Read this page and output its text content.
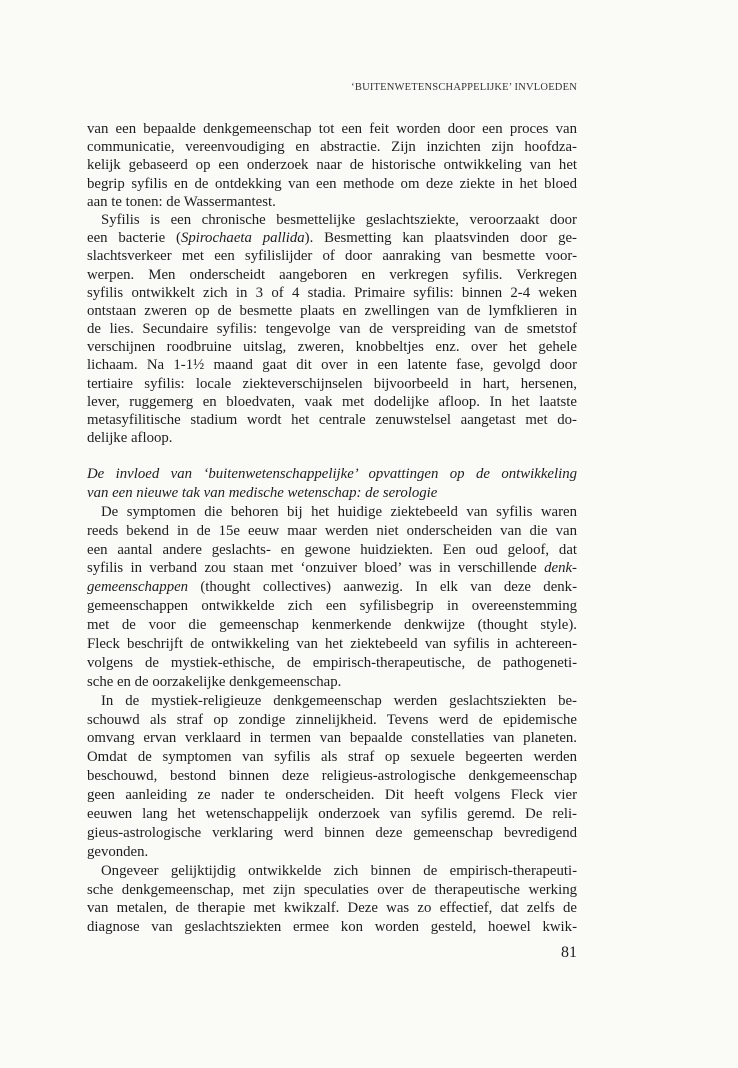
‘BUITENWETENSCHAPPELIJKE’ INVLOEDEN
van een bepaalde denkgemeenschap tot een feit worden door een proces van
communicatie, vereenvoudiging en abstractie. Zijn inzichten zijn hoofdza-
kelijk gebaseerd op een onderzoek naar de historische ontwikkeling van het
begrip syfilis en de ontdekking van een methode om deze ziekte in het bloed
aan te tonen: de Wassermantest.
Syfilis is een chronische besmettelijke geslachtsziekte, veroorzaakt door
een bacterie (Spirochaeta pallida). Besmetting kan plaatsvinden door ge-
slachtsverkeer met een syfilislijder of door aanraking van besmette voor-
werpen. Men onderscheidt aangeboren en verkregen syfilis. Verkregen
syfilis ontwikkelt zich in 3 of 4 stadia. Primaire syfilis: binnen 2-4 weken
ontstaan zweren op de besmette plaats en zwellingen van de lymfklieren in
de lies. Secundaire syfilis: tengevolge van de verspreiding van de smetstof
verschijnen roodbruine uitslag, zweren, knobbeltjes enz. over het gehele
lichaam. Na 1-1½ maand gaat dit over in een latente fase, gevolgd door
tertiaire syfilis: locale ziekteverschijnselen bijvoorbeeld in hart, hersenen,
lever, ruggemerg en bloedvaten, vaak met dodelijke afloop. In het laatste
metasyfilitische stadium wordt het centrale zenuwstelsel aangetast met do-
delijke afloop.
De invloed van ‘buitenwetenschappelijke’ opvattingen op de ontwikkeling
van een nieuwe tak van medische wetenschap: de serologie
De symptomen die behoren bij het huidige ziektebeeld van syfilis waren
reeds bekend in de 15e eeuw maar werden niet onderscheiden van die van
een aantal andere geslachts- en gewone huidziekten. Een oud geloof, dat
syfilis in verband zou staan met ‘onzuiver bloed’ was in verschillende denk-
gemeenschappen (thought collectives) aanwezig. In elk van deze denk-
gemeenschappen ontwikkelde zich een syfilisbegrip in overeenstemming
met de voor die gemeenschap kenmerkende denkwijze (thought style).
Fleck beschrijft de ontwikkeling van het ziektebeeld van syfilis in achtereen-
volgens de mystiek-ethische, de empirisch-therapeutische, de pathogeneti-
sche en de oorzakelijke denkgemeenschap.
In de mystiek-religieuze denkgemeenschap werden geslachtsziekten be-
schouwd als straf op zondige zinnelijkheid. Tevens werd de epidemische
omvang ervan verklaard in termen van bepaalde constellaties van planeten.
Omdat de symptomen van syfilis als straf op sexuele begeerten werden
beschouwd, bestond binnen deze religieus-astrologische denkgemeenschap
geen aanleiding ze nader te onderscheiden. Dit heeft volgens Fleck vier
eeuwen lang het wetenschappelijk onderzoek van syfilis geremd. De reli-
gieus-astrologische verklaring werd binnen deze gemeenschap bevredigend
gevonden.
Ongeveer gelijktijdig ontwikkelde zich binnen de empirisch-therapeuti-
sche denkgemeenschap, met zijn speculaties over de therapeutische werking
van metalen, de therapie met kwikzalf. Deze was zo effectief, dat zelfs de
diagnose van geslachtsziekten ermee kon worden gesteld, hoewel kwik-
81
